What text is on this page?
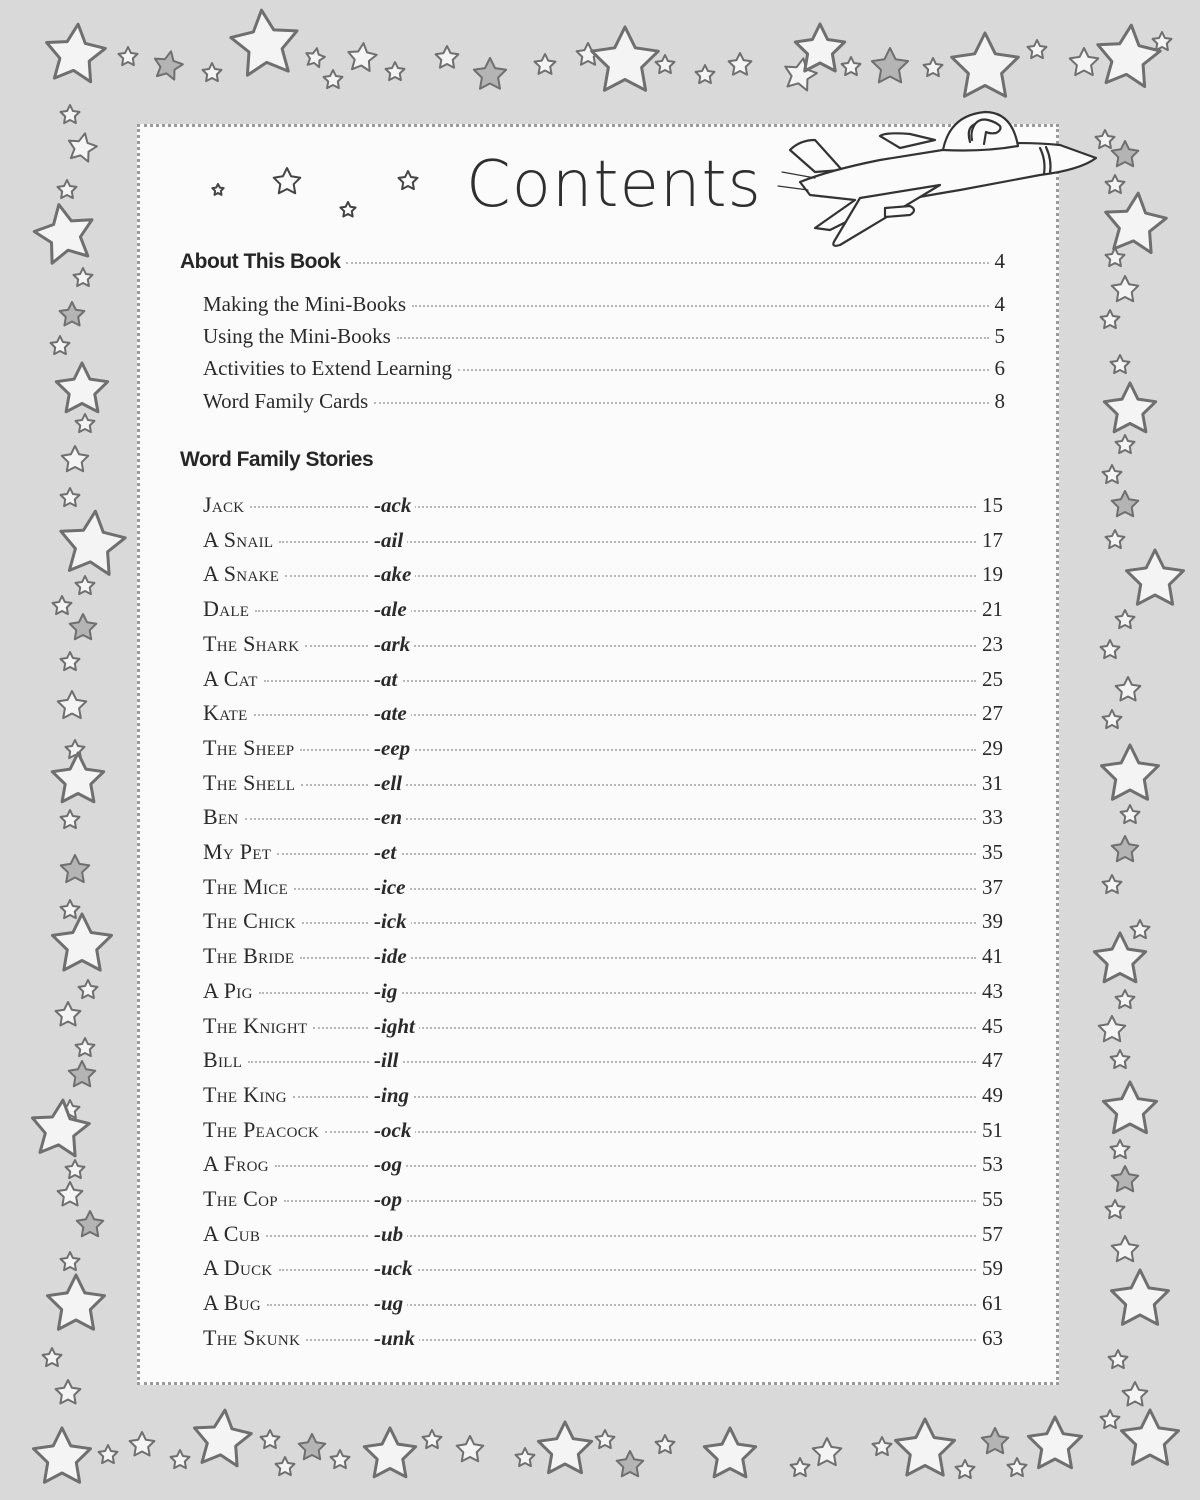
Contents
About This Book	4
Making the Mini-Books	4
Using the Mini-Books	5
Activities to Extend Learning	6
Word Family Cards	8
Word Family Stories
Jack	-ack	15
A Snail	-ail	17
A Snake	-ake	19
Dale	-ale	21
The Shark	-ark	23
A Cat	-at	25
Kate	-ate	27
The Sheep	-eep	29
The Shell	-ell	31
Ben	-en	33
My Pet	-et	35
The Mice	-ice	37
The Chick	-ick	39
The Bride	-ide	41
A Pig	-ig	43
The Knight	-ight	45
Bill	-ill	47
The King	-ing	49
The Peacock	-ock	51
A Frog	-og	53
The Cop	-op	55
A Cub	-ub	57
A Duck	-uck	59
A Bug	-ug	61
The Skunk	-unk	63
